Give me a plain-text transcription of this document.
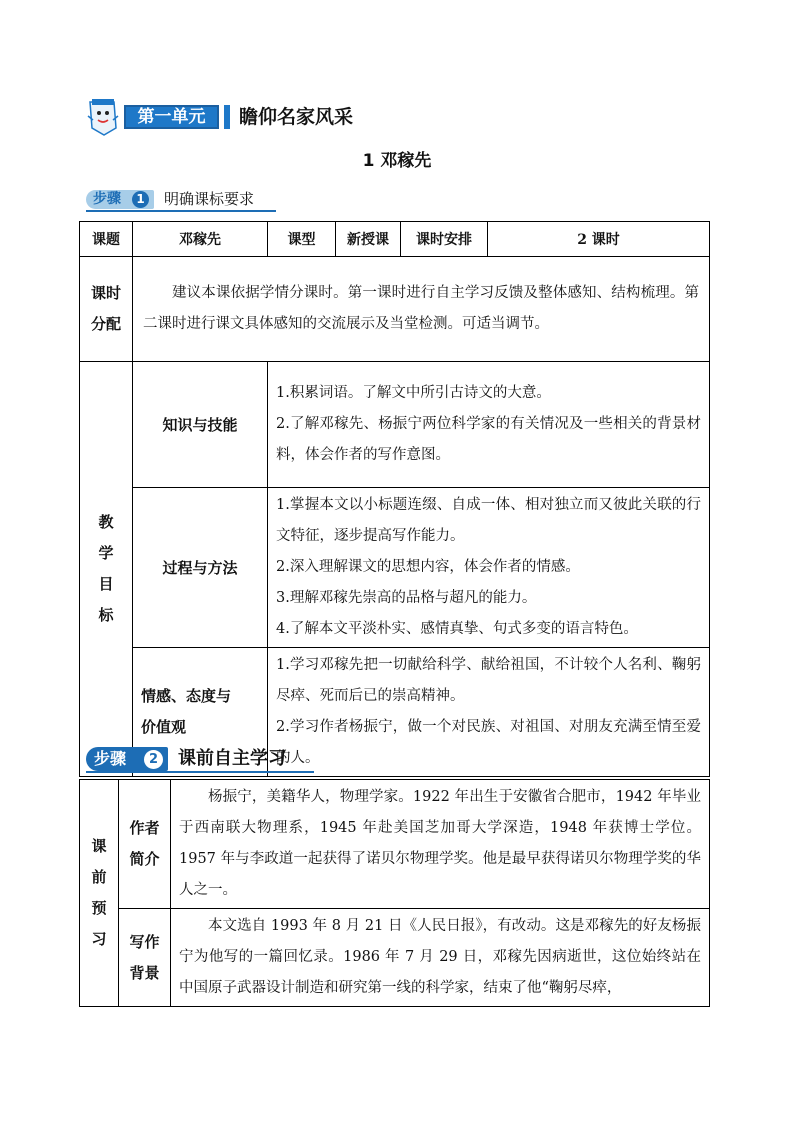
第一单元	瞻仰名家风采
1 邓稼先
步骤	1 明确课标要求
课题	邓稼先	课型	新授课	课时安排	2 课时

课时
分配	建议本课依据学情分课时。第一课时进行自主学习反馈及整体感知、结构梳理。第二课时进行课文具体感知的交流展示及当堂检测。可适当调节。				

教
学
目
标	知识与技能	1.积累词语。了解文中所引古诗文的大意。
2.了解邓稼先、杨振宁两位科学家的有关情况及一些相关的背景材料，体会作者的写作意图。			

	过程与方法	1.掌握本文以小标题连缀、自成一体、相对独立而又彼此关联的行文特征，逐步提高写作能力。
2.深入理解课文的思想内容，体会作者的情感。
3.理解邓稼先崇高的品格与超凡的能力。
4.了解本文平淡朴实、感情真挚、句式多变的语言特色。			

	情感、态度与
价值观	1.学习邓稼先把一切献给科学、献给祖国，不计较个人名利、鞠躬尽瘁、死而后已的崇高精神。
2.学习作者杨振宁，做一个对民族、对祖国、对朋友充满至情至爱的人。			
步骤	2 课前自主学习
课
前
预
习	作者
简介	杨振宁，美籍华人，物理学家。1922 年出生于安徽省合肥市，1942 年毕业于西南联大物理系，1945 年赴美国芝加哥大学深造，1948 年获博士学位。1957 年与李政道一起获得了诺贝尔物理学奖。他是最早获得诺贝尔物理学奖的华人之一。

	写作
背景	本文选自 1993 年 8 月 21 日《人民日报》，有改动。这是邓稼先的好友杨振宁为他写的一篇回忆录。1986 年 7 月 29 日，邓稼先因病逝世，这位始终站在中国原子武器设计制造和研究第一线的科学家，结束了他“鞠躬尽瘁，
